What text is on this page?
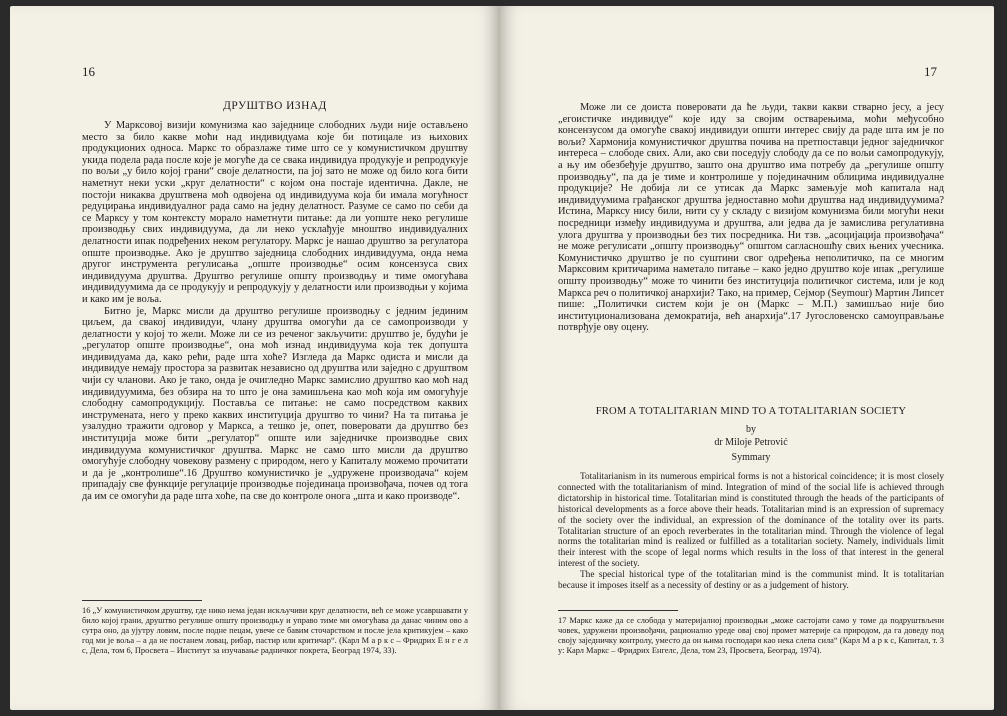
16
ДРУШТВО ИЗНАД

У Марксовој визији комунизма као заједнице слободних људи није остављено место за било какве моћи над индивидуама које би потицале из њихових продукционих односа. Маркс то образлаже тиме што се у комунистичком друштву укида подела рада после које је могуће да се свака индивидуа продукује и репродукује по вољи „у било којој грани“ своје делатности, па јој зато не може од било кога бити наметнут неки уски „круг делатности“ с којом она постаје идентична. Дакле, не постоји никаква друштвена моћ одвојена од индивидуума која би имала могућност редуцирања индивидуалног рада само на једну делатност. Разуме се само по себи да се Марксу у том контексту морало наметнути питање: да ли уопште неко регулише производњу свих индивидуума, да ли неко усклађује мноштво индивидуалних делатности ипак подређених неком регулатору. Маркс је нашао друштво за регулатора опште производње. Ако је друштво заједница слободних индивидуума, онда нема другог инструмента регулисања „опште производње“ осим консензуса свих индивидуума друштва. Друштво регулише општу производњу и тиме омогућава индивидуумима да се продукују и репродукују у делатности или производњи у којима и како им је воља.

Битно је, Маркс мисли да друштво регулише производњу с једним јединим циљем, да свакој индивидуи, члану друштва омогући да се самопроизводи у делатности у којој то жели. Може ли се из реченог закључити: друштво је, будући је „регулатор опште производње“, она моћ изнад индивидуума која тек допушта индивидуама да, како рећи, раде шта хоће? Изгледа да Маркс одиста и мисли да индивидуе немају простора за развитак независно од друштва или заједно с друштвом чији су чланови. Ако је тако, онда је очигледно Маркс замислио друштво као моћ над индивидуумима, без обзира на то што је она замишљена као моћ која им омогућује слободну самопродукцију. Поставља се питање: не само посредством каквих инструмената, него у преко каквих институција друштво то чини? На та питања је узалудно тражити одговор у Маркса, а тешко је, опет, поверовати да друштво без институција може бити „регулатор“ опште или заједничке производње свих индивидуума комунистичког друштва. Маркс не само што мисли да друштво омогућује слободну човекову размену с природом, него у Капиталу можемо прочитати и да је „контролише“.16 Друштво комунистичко је „удружене производача“ којем припадају све функције регулације производње појединаца произвођача, почев од тога да им се омогући да раде шта хоће, па све до контроле онога „шта и како производе“.

16 „У комунистичком друштву, где нико нема један искључиви круг делатности, већ се може усавршавати у било којој грани, друштво регулише општу производњу и управо тиме ми омогућава да данас чиним ово а сутра оно, да ујутру ловим, после подне пецам, увече се бавим сточарством и после јела критикујем – како год ми је воља – а да не постанем ловац, рибар, пастир или критичар“. (Карл М а р к с – Фридрих Е н г е л с, Дела, том 6, Просвета – Институт за изучавање радничког покрета, Београд 1974, 33).
17

Може ли се доиста поверовати да ће људи, такви какви стварно јесу, а јесу „егоистичке индивидуе“ које иду за својим остварењима, моћи међусобно консензусом да омогуће свакој индивидуи општи интерес свију да раде шта им је по вољи? Хармонија комунистичког друштва почива на претпоставци једног заједничког интереса – слободе свих. Али, ако сви поседују слободу да се по вољи самопродукују, а њу им обезбеђује друштво, зашто она друштво има потребу да „регулише општу производњу“, па да је тиме и контролише у појединачним облицима индивидуалне продукције? Не добија ли се утисак да Маркс замењује моћ капитала над индивидуумима грађанског друштва једноставно моћи друштва над индивидуумима? Истина, Марксу нису били, нити су у складу с визијом комунизма били могући неки посредници између индивидуума и друштва, али једва да је замислива регулативна улога друштва у производњи без тих посредника. Ни тзв. „асоцијација произвођача“ не може регулисати „општу производњу“ општом сагласношћу свих њених учесника. Комунистичко друштво је по суштини свог одређења неполитичко, па се многим Марксовим критичарима наметало питање – како једно друштво које ипак „регулише општу производњу“ може то чинити без институција политичког система, или је код Маркса реч о политичкој анархији? Тако, на пример, Сејмор (Seymour) Мартин Липсет пише: „Политички систем који је он (Маркс – М.П.) замишљао није био институционализована демократија, већ анархија“.17 Југословенско самоуправљање потврђује ову оцену.

FROM A TOTALITARIAN MIND TO A TOTALITARIAN SOCIETY
by
dr Miloje Petrović
Symmary

Totalitarianism in its numerous empirical forms is not a historical coincidence; it is most closely connected with the totalitarianism of mind. Integration of mind of the social life is achieved through dictatorship in historical time. Totalitarian mind is constituted through the heads of the participants of historical developments as a force above their heads. Totalitarian mind is an expression of supremacy of the society over the individual, an expression of the dominance of the totality over its parts. Totalitarian structure of an epoch reverberates in the totalitarian mind. Through the violence of legal norms the totalitarian mind is realized or fulfilled as a totalitarian society. Namely, individuals limit their interest with the scope of legal norms which results in the loss of that interest in the general interest of the society.

The special historical type of the totalitarian mind is the communist mind. It is totalitarian because it imposes itself as a necessity of destiny or as a judgement of history.

17 Маркс каже да се слобода у материјалној производњи „може састојати само у томе да подруштвљени човек, удружени произвођачи, рационално уреде овај свој промет материје са природом, да га доведу под своју заједничку контролу, уместо да он њима господари као нека слепа сила“ (Карл М а р к с, Капитал, т. 3 у: Карл Маркс – Фридрих Енгелс, Дела, том 23, Просвета, Београд, 1974).
